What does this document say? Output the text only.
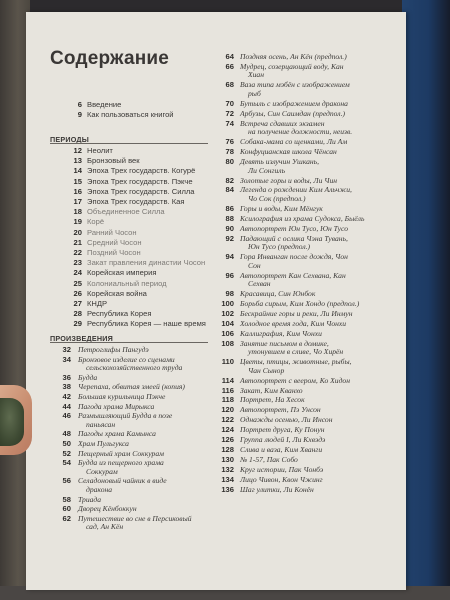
Содержание
6 Введение
9 Как пользоваться книгой
ПЕРИОДЫ
12 Неолит
13 Бронзовый век
14 Эпоха Трех государств. Когурё
15 Эпоха Трех государств. Пэкче
16 Эпоха Трех государств. Силла
17 Эпоха Трех государств. Кая
18 Объединенное Силла
19 Корё
20 Ранний Чосон
21 Средний Чосон
22 Поздний Чосон
23 Закат правления династии Чосон
24 Корейская империя
25 Колониальный период
26 Корейская война
27 КНДР
28 Республика Корея
29 Республика Корея — наше время
ПРОИЗВЕДЕНИЯ
32 Петроглифы Пангудэ
34 Бронзовое изделие со сценами
сельскохозяйственного труда
36 Будда
38 Черепаха, обвитая змеей (копия)
42 Большая курильница Пэкче
44 Пагода храма Мирыкса
46 Размышляющий Будда в позе
паньясан
48 Пагоды храма Камынса
50 Храм Пульгукса
52 Пещерный храм Соккурам
54 Будда из пещерного храма
Соккурам
56 Селадоновый чайник в виде
дракона
58 Триада
60 Дворец Кёнбоккун
62 Путешествие во сне в Персиковый
сад, Ан Кён
64 Поздняя осень, Ан Кён (предпол.)
66 Мудрец, созерцающий воду, Кан
Хиан
68 Ваза типа мэбён с изображением
рыб
70 Бутыль с изображением дракона
72 Арбузы, Син Саимдан (предпол.)
74 Встреча сдавших экзамен
на получение должности, неизв.
76 Собака-мама со щенками, Ли Ам
78 Конфуцианская школа Чёнсан
80 Девять излучин Ушкань,
Ли Сонгиль
82 Золотые горы и воды, Ли Чин
84 Легенда о рождении Ким Альчжи,
Чо Сок (предпол.)
86 Горы и воды, Ким Мёнгук
88 Ксилография из храма Судокса, Быёль
90 Автопортрет Юн Тусо, Юн Тусо
92 Падающий с осликa Чэна Тувань,
Юн Тусо (предпол.)
94 Гора Инванган после дождя, Чон
Сон
96 Автопортрет Кан Сехвана, Кан
Сехван
98 Красавица, Син Юнбок
100 Борьба сирым, Ким Хондо (предпол.)
102 Бескрайние горы и реки, Ли Инмун
104 Холодное время года, Ким Чонхи
106 Каллиграфия, Ким Чонхи
108 Занятие письмом в домике,
утонувшем в сливе, Чо Хирён
110 Цветы, птицы, животные, рыбы,
Чан Сынор
114 Автопортрет с веером, Ко Хидон
116 Закат, Ким Кванхо
118 Портрет, На Хесок
120 Автопортрет, Пэ Унсон
122 Однажды осенью, Ли Инсон
124 Портрет друга, Ку Понун
126 Группа людей I, Ли Кхвэдэ
128 Слива и ваза, Ким Хванги
130 № 1-57, Пак Собо
132 Круг истории, Пак Чонбэ
134 Лицо Чивон, Квон Чжинг
136 Шаг улитки, Ли Конён
